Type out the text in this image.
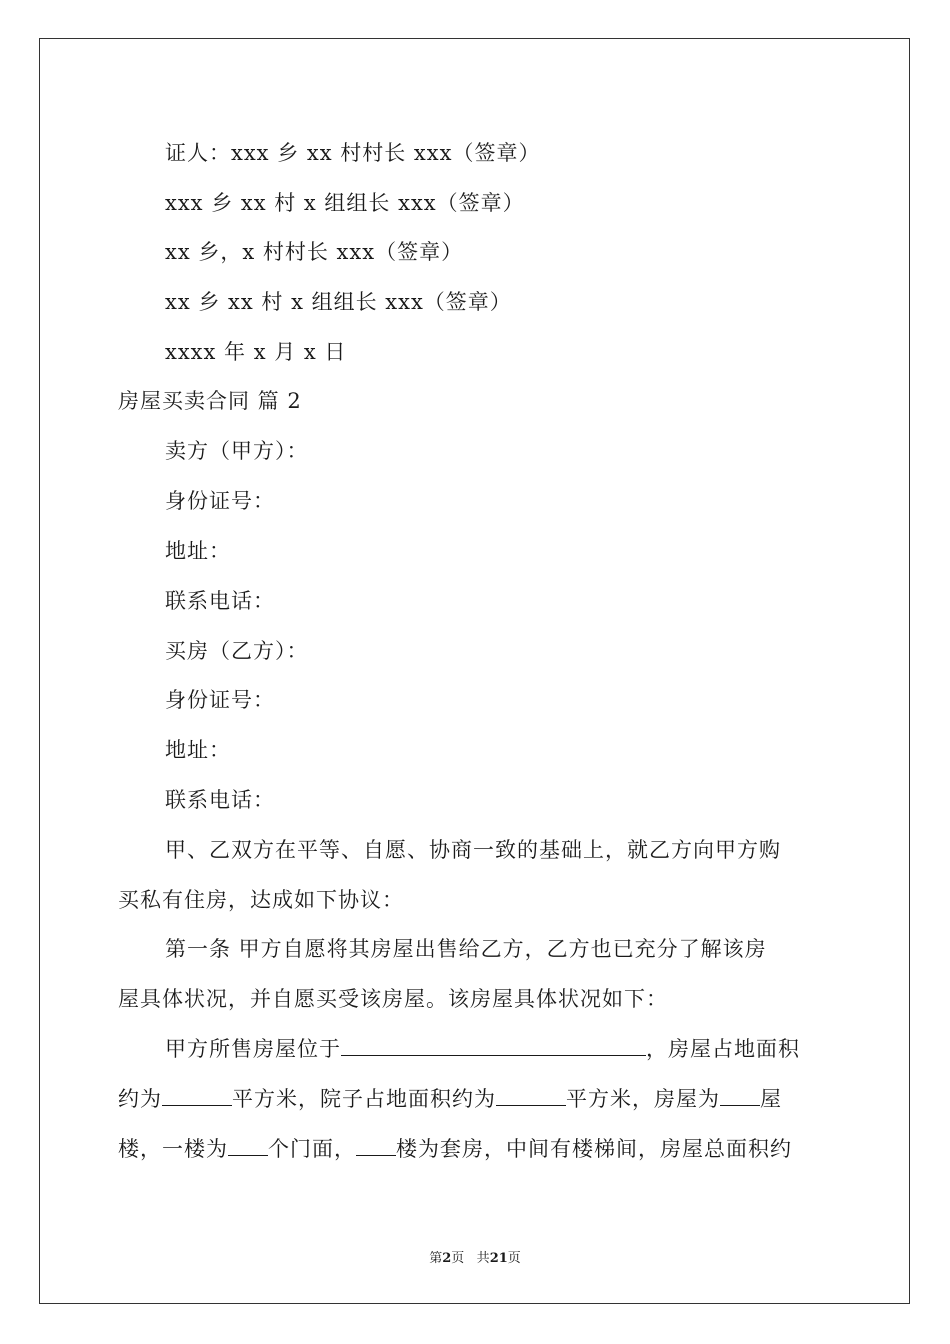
证人：xxx 乡 xx 村村长 xxx（签章）
xxx 乡 xx 村 x 组组长 xxx（签章）
xx 乡，x 村村长 xxx（签章）
xx 乡 xx 村 x 组组长 xxx（签章）
xxxx 年 x 月 x 日
房屋买卖合同 篇 2
卖方（甲方）：
身份证号：
地址：
联系电话：
买房（乙方）：
身份证号：
地址：
联系电话：
甲、乙双方在平等、自愿、协商一致的基础上，就乙方向甲方购
买私有住房，达成如下协议：
第一条 甲方自愿将其房屋出售给乙方，乙方也已充分了解该房
屋具体状况，并自愿买受该房屋。该房屋具体状况如下：
甲方所售房屋位于	，房屋占地面积
约为	平方米，院子占地面积约为	平方米，房屋为 屋
楼，一楼为 个门面， 楼为套房，中间有楼梯间，房屋总面积约
第2页 共21页
